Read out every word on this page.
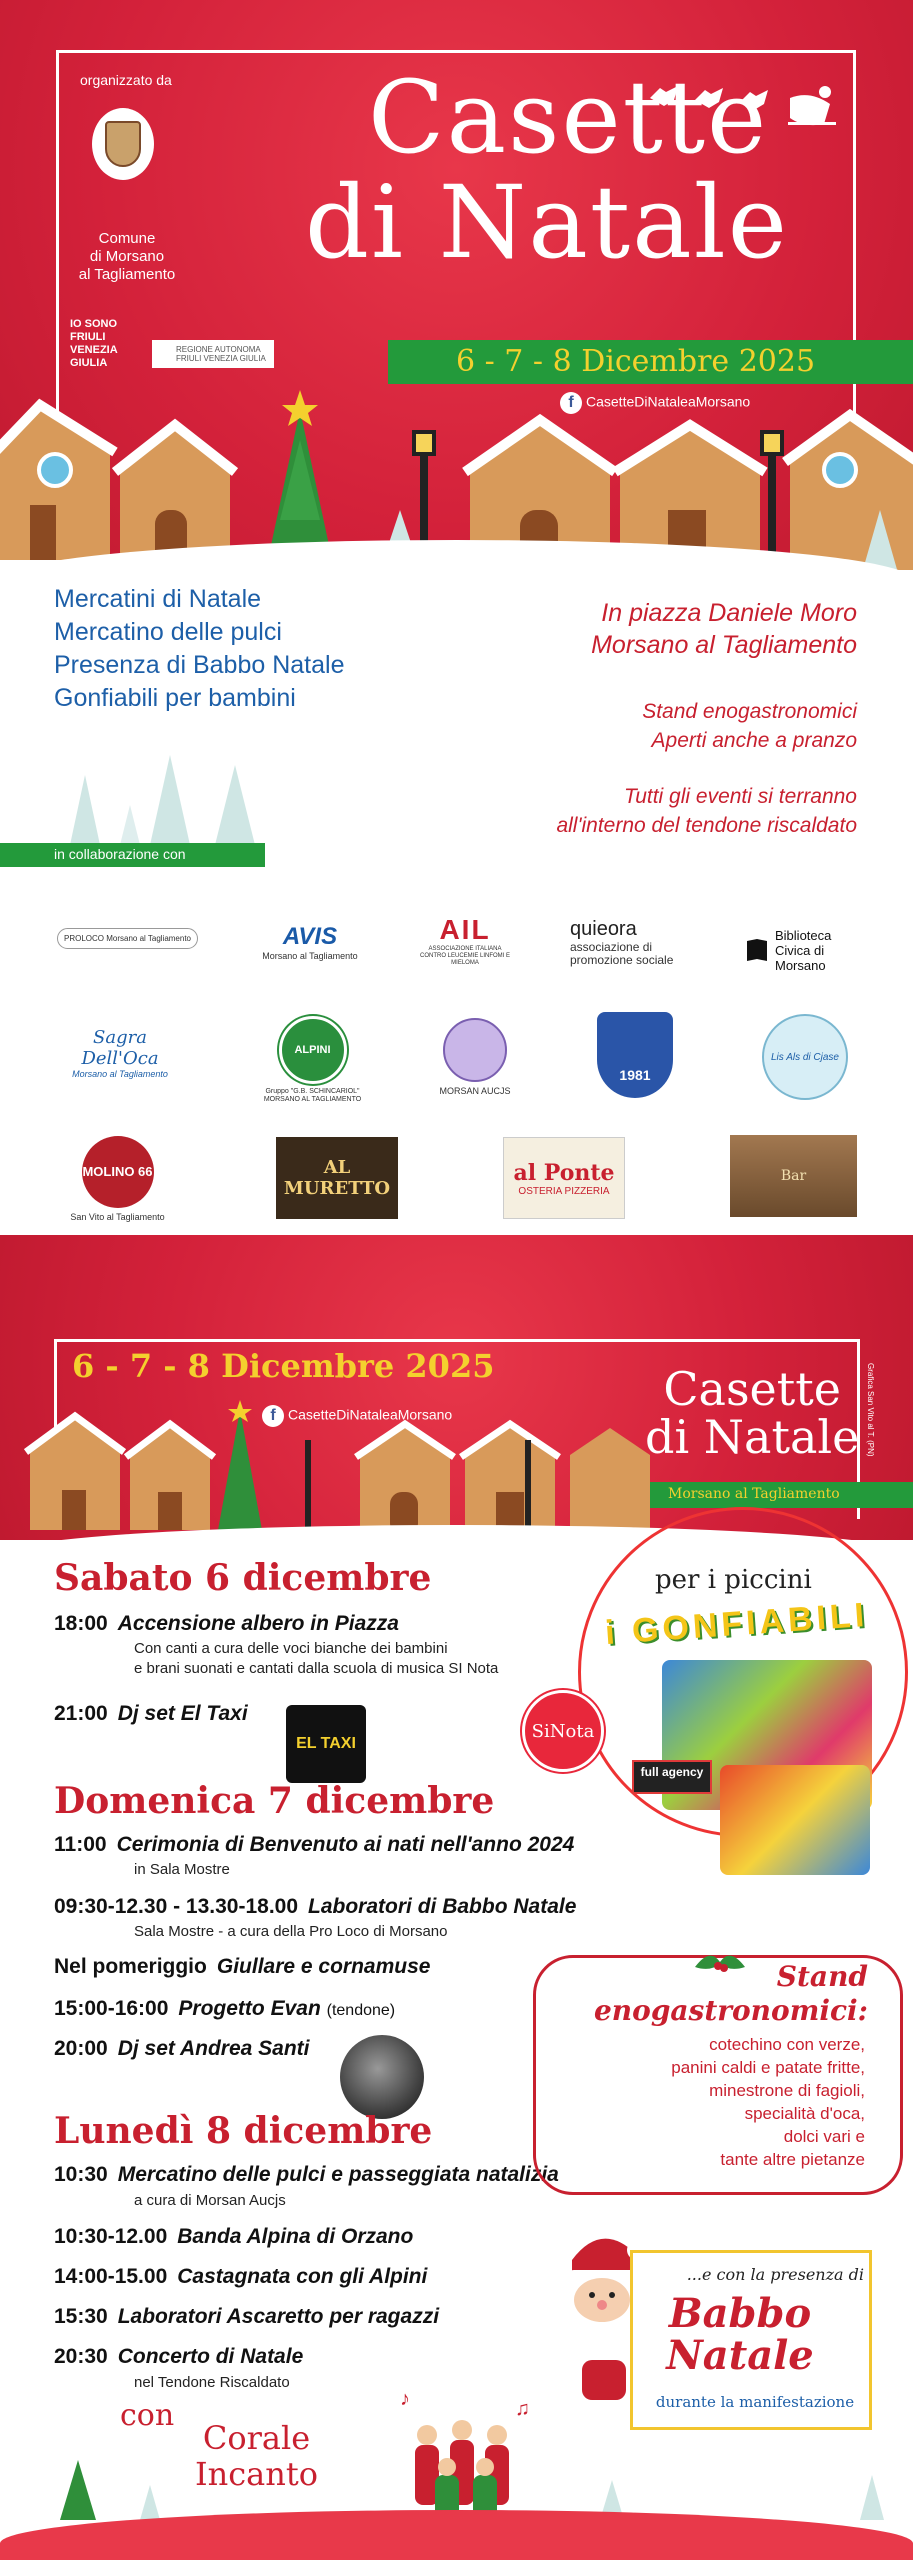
organizzato da
Comune
di Morsano
al Tagliamento
IO SONO FRIULI VENEZIA GIULIA
REGIONE AUTONOMA FRIULI VENEZIA GIULIA
Casette
di Natale
6 - 7 - 8 Dicembre 2025
f CasetteDiNataleaMorsano
Mercatini di Natale
Mercatino delle pulci
Presenza di Babbo Natale
Gonfiabili per bambini
In piazza Daniele Moro
Morsano al Tagliamento
Stand enogastronomici
Aperti anche a pranzo
Tutti gli eventi si terranno
all'interno del tendone riscaldato
in collaborazione con
PROLOCO Morsano al Tagliamento	AVIS
Morsano al Tagliamento
AIL
ASSOCIAZIONE ITALIANA CONTRO LEUCEMIE LINFOMI E MIELOMA
quieora
associazione di promozione sociale
Biblioteca Civica di Morsano
Sagra Dell'Oca
Morsano al Tagliamento
ALPINI
Gruppo "G.B. SCHINCARIOL" MORSANO AL TAGLIAMENTO
MORSAN AUCJS
1981
Lis Als di Cjase
MOLINO 66
San Vito al Tagliamento
AL MURETTO
al Ponte
OSTERIA PIZZERIA
Bar
6 - 7 - 8 Dicembre 2025
f CasetteDiNataleaMorsano	Casette
di Natale Grafica San Vito al T. (PN)
Morsano al Tagliamento
Sabato 6 dicembre
18:00 Accensione albero in Piazza
Con canti a cura delle voci bianche dei bambini
e brani suonati e cantati dalla scuola di musica SI Nota
21:00 Dj set El Taxi
EL TAXI
Domenica 7 dicembre
11:00 Cerimonia di Benvenuto ai nati nell'anno 2024
in Sala Mostre
09:30-12.30 - 13.30-18.00 Laboratori di Babbo Natale
Sala Mostre - a cura della Pro Loco di Morsano
Nel pomeriggio Giullare e cornamuse
15:00-16:00 Progetto Evan (tendone)
20:00 Dj set Andrea Santi
Lunedì 8 dicembre
10:30 Mercatino delle pulci e passeggiata natalizia
a cura di Morsan Aucjs
10:30-12.00 Banda Alpina di Orzano
14:00-15.00 Castagnata con gli Alpini
15:30 Laboratori Ascaretto per ragazzi
20:30 Concerto di Natale
nel Tendone Riscaldato
con
Corale
Incanto
♪	♫
per i piccini
i GONFIABILI
full agency
SiNota
Stand enogastronomici:
cotechino con verze,
panini caldi e patate fritte,
minestrone di fagioli,
specialità d'oca,
dolci vari e
tante altre pietanze
...e con la presenza di
Babbo Natale
durante la manifestazione
